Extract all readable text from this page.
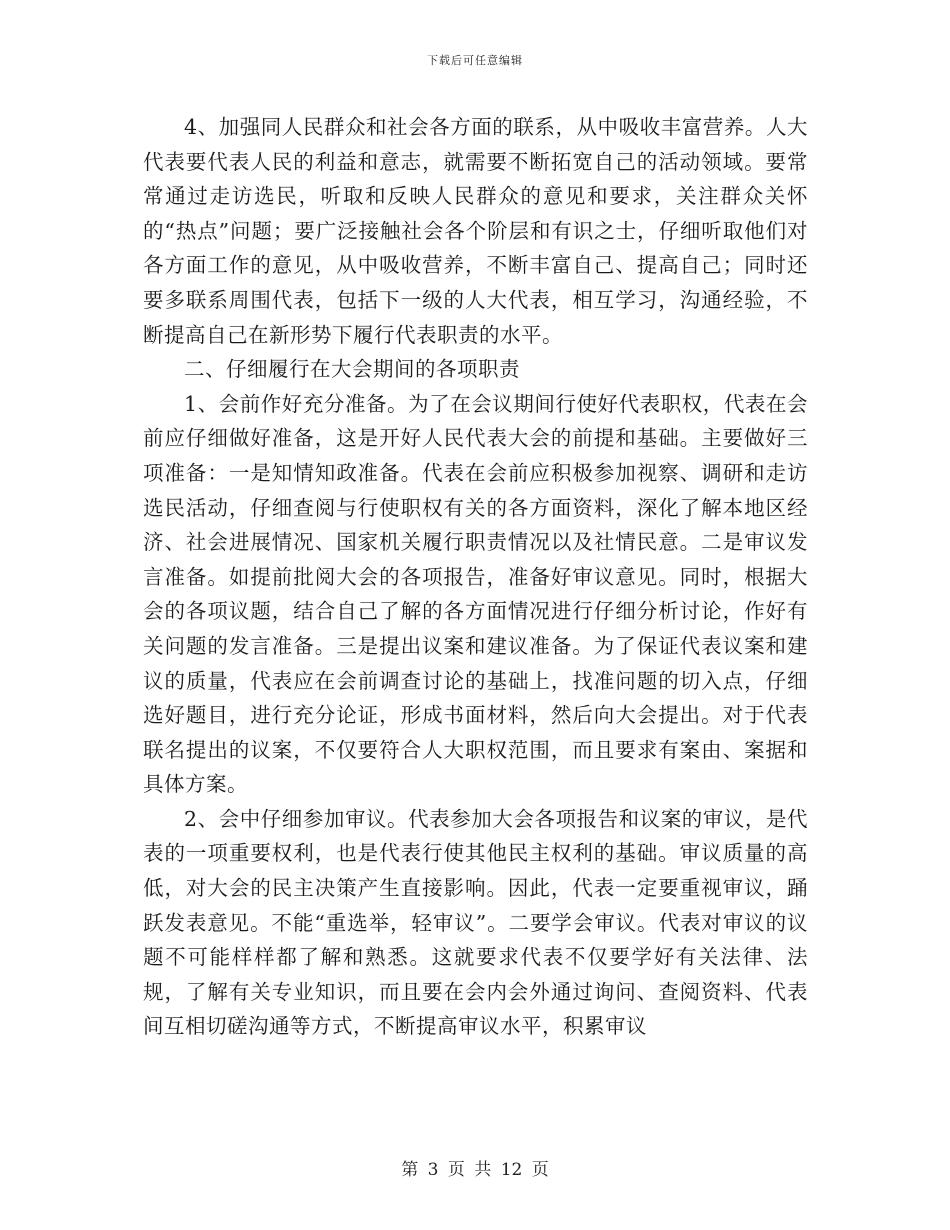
下载后可任意编辑

4、加强同人民群众和社会各方面的联系，从中吸收丰富营养。人大代表要代表人民的利益和意志，就需要不断拓宽自己的活动领域。要常常通过走访选民，听取和反映人民群众的意见和要求，关注群众关怀的“热点”问题；要广泛接触社会各个阶层和有识之士，仔细听取他们对各方面工作的意见，从中吸收营养，不断丰富自己、提高自己；同时还要多联系周围代表，包括下一级的人大代表，相互学习，沟通经验，不断提高自己在新形势下履行代表职责的水平。

二、仔细履行在大会期间的各项职责

1、会前作好充分准备。为了在会议期间行使好代表职权，代表在会前应仔细做好准备，这是开好人民代表大会的前提和基础。主要做好三项准备：一是知情知政准备。代表在会前应积极参加视察、调研和走访选民活动，仔细查阅与行使职权有关的各方面资料，深化了解本地区经济、社会进展情况、国家机关履行职责情况以及社情民意。二是审议发言准备。如提前批阅大会的各项报告，准备好审议意见。同时，根据大会的各项议题，结合自己了解的各方面情况进行仔细分析讨论，作好有关问题的发言准备。三是提出议案和建议准备。为了保证代表议案和建议的质量，代表应在会前调查讨论的基础上，找准问题的切入点，仔细选好题目，进行充分论证，形成书面材料，然后向大会提出。对于代表联名提出的议案，不仅要符合人大职权范围，而且要求有案由、案据和具体方案。

2、会中仔细参加审议。代表参加大会各项报告和议案的审议，是代表的一项重要权利，也是代表行使其他民主权利的基础。审议质量的高低，对大会的民主决策产生直接影响。因此，代表一定要重视审议，踊跃发表意见。不能“重选举，轻审议”。二要学会审议。代表对审议的议题不可能样样都了解和熟悉。这就要求代表不仅要学好有关法律、法规，了解有关专业知识，而且要在会内会外通过询问、查阅资料、代表间互相切磋沟通等方式，不断提高审议水平，积累审议

第 3 页 共 12 页
